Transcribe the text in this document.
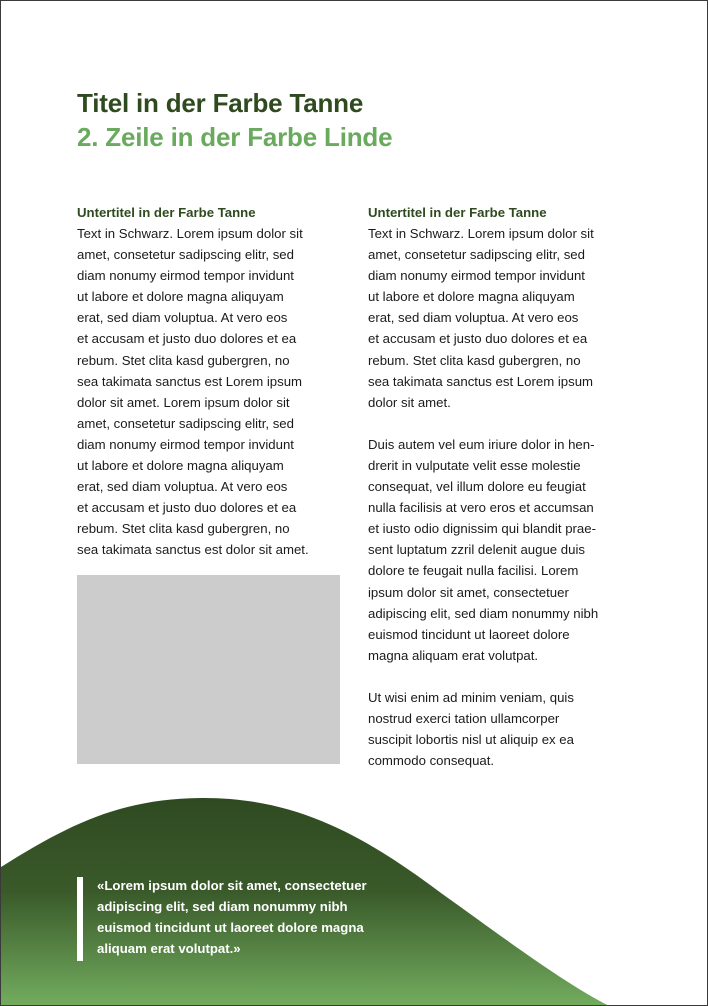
Titel in der Farbe Tanne
2. Zeile in der Farbe Linde
Untertitel in der Farbe Tanne

Text in Schwarz. Lorem ipsum dolor sit
amet, consetetur sadipscing elitr, sed
diam nonumy eirmod tempor invidunt
ut labore et dolore magna aliquyam
erat, sed diam voluptua. At vero eos
et accusam et justo duo dolores et ea
rebum. Stet clita kasd gubergren, no
sea takimata sanctus est Lorem ipsum
dolor sit amet. Lorem ipsum dolor sit
amet, consetetur sadipscing elitr, sed
diam nonumy eirmod tempor invidunt
ut labore et dolore magna aliquyam
erat, sed diam voluptua. At vero eos
et accusam et justo duo dolores et ea
rebum. Stet clita kasd gubergren, no
sea takimata sanctus est dolor sit amet.

Untertitel in der Farbe Tanne

Text in Schwarz. Lorem ipsum dolor sit
amet, consetetur sadipscing elitr, sed
diam nonumy eirmod tempor invidunt
ut labore et dolore magna aliquyam
erat, sed diam voluptua. At vero eos
et accusam et justo duo dolores et ea
rebum. Stet clita kasd gubergren, no
sea takimata sanctus est Lorem ipsum
dolor sit amet.

Duis autem vel eum iriure dolor in hen-
drerit in vulputate velit esse molestie
consequat, vel illum dolore eu feugiat
nulla facilisis at vero eros et accumsan
et iusto odio dignissim qui blandit prae-
sent luptatum zzril delenit augue duis
dolore te feugait nulla facilisi. Lorem
ipsum dolor sit amet, consectetuer
adipiscing elit, sed diam nonummy nibh
euismod tincidunt ut laoreet dolore
magna aliquam erat volutpat.

Ut wisi enim ad minim veniam, quis
nostrud exerci tation ullamcorper
suscipit lobortis nisl ut aliquip ex ea
commodo consequat.

«Lorem ipsum dolor sit amet, consectetuer
adipiscing elit, sed diam nonummy nibh
euismod tincidunt ut laoreet dolore magna
aliquam erat volutpat.»
